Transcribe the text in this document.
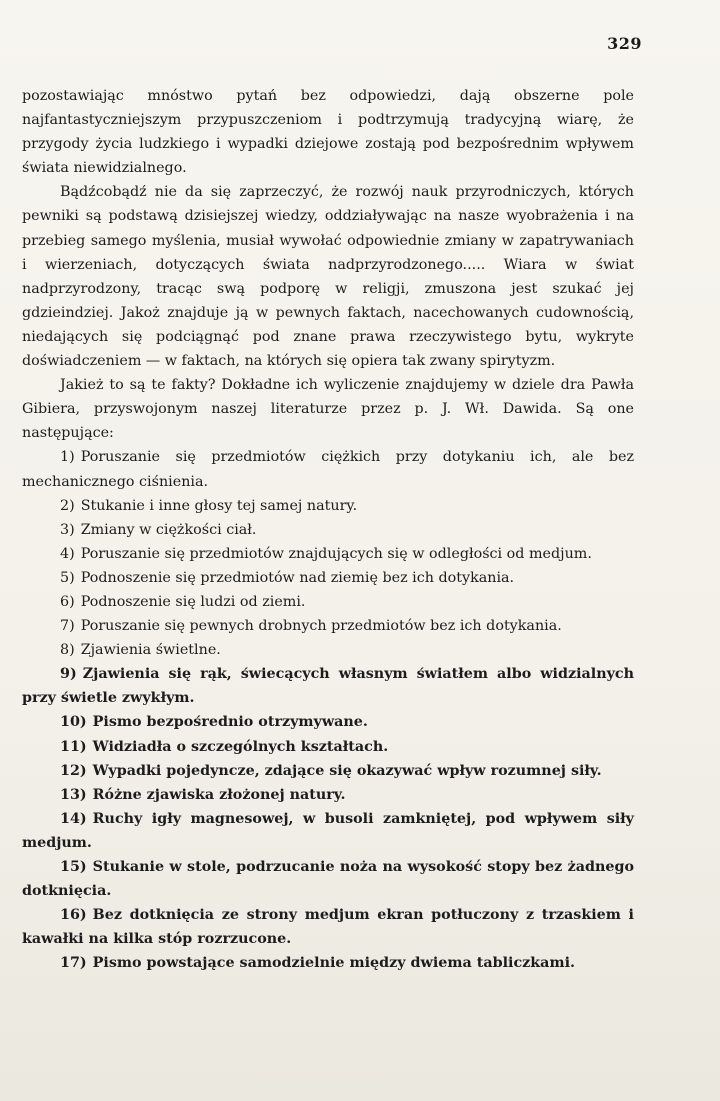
329

pozostawiając mnóstwo pytań bez odpowiedzi, dają obszerne pole najfantastyczniejszym przypuszczeniom i podtrzymują tradycyjną wiarę, że przygody życia ludzkiego i wypadki dziejowe zostają pod bezpośrednim wpływem świata niewidzialnego.

Bądźcobądź nie da się zaprzeczyć, że rozwój nauk przyrodniczych, których pewniki są podstawą dzisiejszej wiedzy, oddziaływając na nasze wyobrażenia i na przebieg samego myślenia, musiał wywołać odpowiednie zmiany w zapatrywaniach i wierzeniach, dotyczących świata nadprzyrodzonego..... Wiara w świat nadprzyrodzony, tracąc swą podporę w religji, zmuszona jest szukać jej gdzieindziej. Jakoż znajduje ją w pewnych faktach, nacechowanych cudownością, niedających się podciągnąć pod znane prawa rzeczywistego bytu, wykryte doświadczeniem — w faktach, na których się opiera tak zwany spirytyzm.

Jakież to są te fakty? Dokładne ich wyliczenie znajdujemy w dziele dra Pawła Gibiera, przyswojonym naszej literaturze przez p. J. Wł. Dawida. Są one następujące:

1) Poruszanie się przedmiotów ciężkich przy dotykaniu ich, ale bez mechanicznego ciśnienia.
2) Stukanie i inne głosy tej samej natury.
3) Zmiany w ciężkości ciał.
4) Poruszanie się przedmiotów znajdujących się w odległości od medjum.
5) Podnoszenie się przedmiotów nad ziemię bez ich dotykania.
6) Podnoszenie się ludzi od ziemi.
7) Poruszanie się pewnych drobnych przedmiotów bez ich dotykania.
8) Zjawienia świetlne.
9) Zjawienia się rąk, świecących własnym światłem albo widzialnych przy świetle zwykłym.
10) Pismo bezpośrednio otrzymywane.
11) Widziadła o szczególnych kształtach.
12) Wypadki pojedyncze, zdające się okazywać wpływ rozumnej siły.
13) Różne zjawiska złożonej natury.
14) Ruchy igły magnesowej, w busoli zamkniętej, pod wpływem siły medjum.
15) Stukanie w stole, podrzucanie noża na wysokość stopy bez żadnego dotknięcia.
16) Bez dotknięcia ze strony medjum ekran potłuczony z trzaskiem i kawałki na kilka stóp rozrzucone.
17) Pismo powstające samodzielnie między dwiema tabliczkami.
